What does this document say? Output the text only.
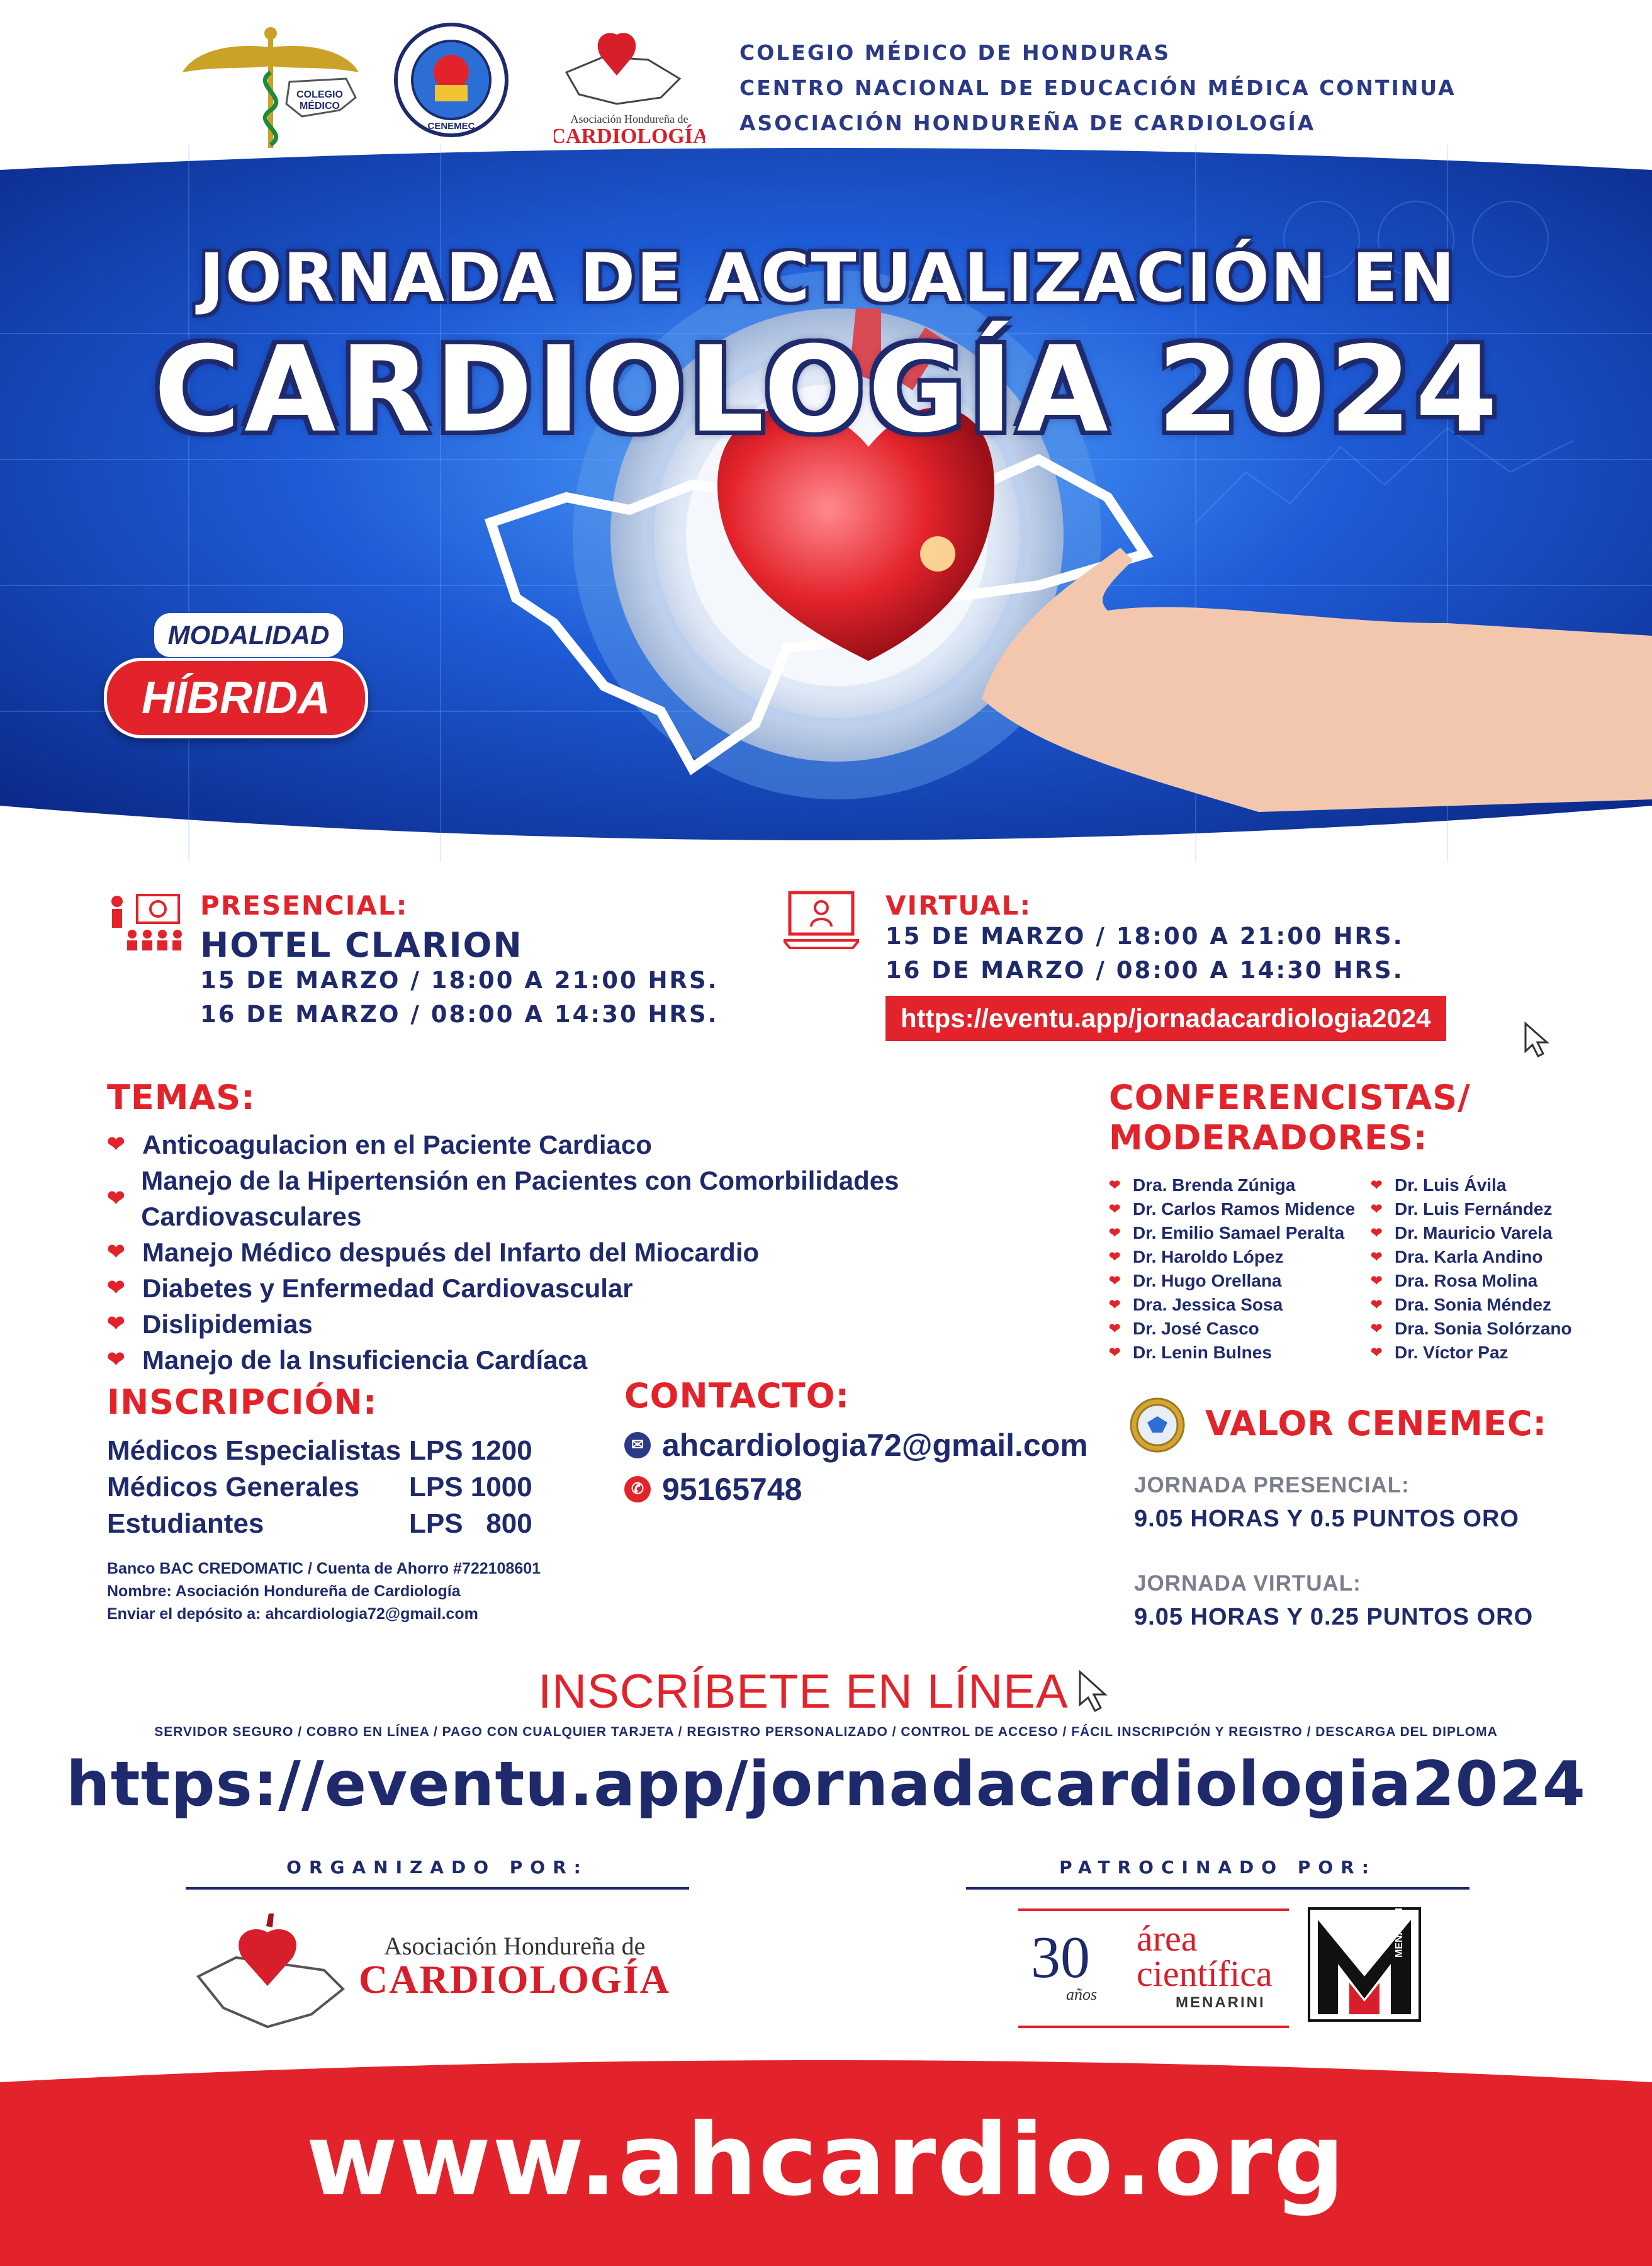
COLEGIO
MÉDICO
CENEMEC
Asociación Hondureña de
CARDIOLOGÍA
COLEGIO MÉDICO DE HONDURAS
CENTRO NACIONAL DE EDUCACIÓN MÉDICA CONTINUA
ASOCIACIÓN HONDUREÑA DE CARDIOLOGÍA
JORNADA DE ACTUALIZACIÓN EN
CARDIOLOGÍA 2024
MODALIDAD
HÍBRIDA
PRESENCIAL:
HOTEL CLARION
15 DE MARZO / 18:00 A 21:00 HRS.
16 DE MARZO / 08:00 A 14:30 HRS.
VIRTUAL:
15 DE MARZO / 18:00 A 21:00 HRS.
16 DE MARZO / 08:00 A 14:30 HRS.
https://eventu.app/jornadacardiologia2024
TEMAS:
❤ Anticoagulacion en el Paciente Cardiaco
❤
Manejo de la Hipertensión en Pacientes con Comorbilidades Cardiovasculares
❤ Manejo Médico después del Infarto del Miocardio
❤ Diabetes y Enfermedad Cardiovascular
❤ Dislipidemias
❤ Manejo de la Insuficiencia Cardíaca
CONFERENCISTAS/
MODERADORES:
❤ Dra. Brenda Zúniga
❤ Dr. Carlos Ramos Midence
❤ Dr. Emilio Samael Peralta
❤ Dr. Haroldo López
❤ Dr. Hugo Orellana
❤ Dra. Jessica Sosa
❤ Dr. José Casco
❤ Dr. Lenin Bulnes
❤ Dr. Luis Ávila
❤ Dr. Luis Fernández
❤ Dr. Mauricio Varela
❤ Dra. Karla Andino
❤ Dra. Rosa Molina
❤ Dra. Sonia Méndez
❤ Dra. Sonia Solórzano
❤ Dr. Víctor Paz
INSCRIPCIÓN:
Médicos Especialistas LPS 1200
Médicos Generales LPS 1000
Estudiantes	LPS   800
Banco BAC CREDOMATIC / Cuenta de Ahorro #722108601
Nombre: Asociación Hondureña de Cardiología
Enviar el depósito a: ahcardiologia72@gmail.com
CONTACTO:
✉ ahcardiologia72@gmail.com
✆ 95165748
VALOR CENEMEC:
JORNADA PRESENCIAL:
9.05 HORAS Y 0.5 PUNTOS ORO
JORNADA VIRTUAL:
9.05 HORAS Y 0.25 PUNTOS ORO
INSCRÍBETE EN LÍNEA
SERVIDOR SEGURO / COBRO EN LÍNEA / PAGO CON CUALQUIER TARJETA / REGISTRO PERSONALIZADO / CONTROL DE ACCESO / FÁCIL INSCRIPCIÓN Y REGISTRO / DESCARGA DEL DIPLOMA
https://eventu.app/jornadacardiologia2024
ORGANIZADO POR:
Asociación Hondureña de
CARDIOLOGÍA
PATROCINADO POR:
30
años
área
científica
MENARINI
MENARINI
www.ahcardio.org
